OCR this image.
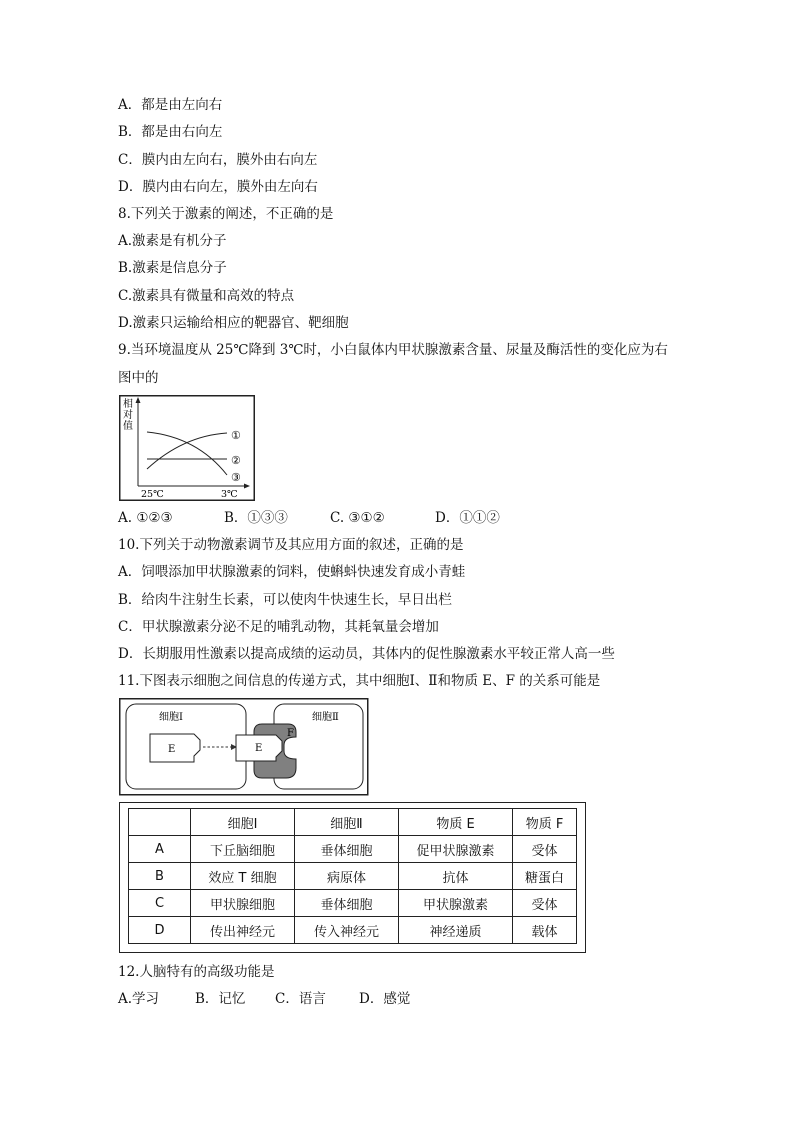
A．都是由左向右
B．都是由右向左
C．膜内由左向右，膜外由右向左
D．膜内由右向左，膜外由左向右
8.下列关于激素的阐述，不正确的是
A.激素是有机分子
B.激素是信息分子
C.激素具有微量和高效的特点
D.激素只运输给相应的靶器官、靶细胞
9.当环境温度从 25℃降到 3℃时，小白鼠体内甲状腺激素含量、尿量及酶活性的变化应为右
图中的
相
对
值
①
②
③
25℃	3℃
A. ①②③	B．①③③	C. ③①②	D．①①②
10.下列关于动物激素调节及其应用方面的叙述，正确的是
A．饲喂添加甲状腺激素的饲料，使蝌蚪快速发育成小青蛙
B．给肉牛注射生长素，可以使肉牛快速生长，早日出栏
C．甲状腺激素分泌不足的哺乳动物，其耗氧量会增加
D．长期服用性激素以提高成绩的运动员，其体内的促性腺激素水平较正常人高一些
11.下图表示细胞之间信息的传递方式，其中细胞Ⅰ、Ⅱ和物质 E、F 的关系可能是
细胞Ⅰ	细胞Ⅱ
E
F
E
	细胞Ⅰ	细胞Ⅱ	物质 E	物质 F
A	下丘脑细胞	垂体细胞	促甲状腺激素	受体
B	效应 T 细胞	病原体	抗体	糖蛋白
C	甲状腺细胞	垂体细胞	甲状腺激素	受体
D	传出神经元	传入神经元	神经递质	载体
12.人脑特有的高级功能是
A.学习	B．记忆 C．语言 D．感觉
